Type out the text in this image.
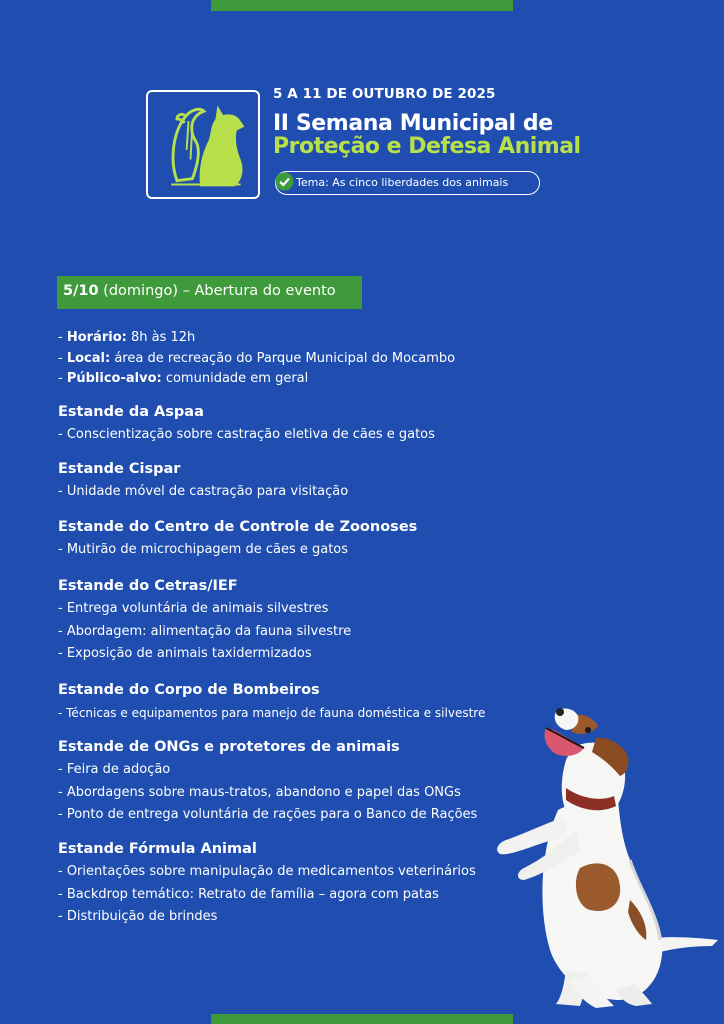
5 A 11 DE OUTUBRO DE 2025
II Semana Municipal de
Proteção e Defesa Animal
Tema: As cinco liberdades dos animais
5/10 (domingo) – Abertura do evento
- Horário: 8h às 12h
- Local: área de recreação do Parque Municipal do Mocambo
- Público-alvo: comunidade em geral
Estande da Aspaa
- Conscientização sobre castração eletiva de cães e gatos
Estande Cispar
- Unidade móvel de castração para visitação
Estande do Centro de Controle de Zoonoses
- Mutirão de microchipagem de cães e gatos
Estande do Cetras/IEF
- Entrega voluntária de animais silvestres
- Abordagem: alimentação da fauna silvestre
- Exposição de animais taxidermizados
Estande do Corpo de Bombeiros
- Técnicas e equipamentos para manejo de fauna doméstica e silvestre
Estande de ONGs e protetores de animais
- Feira de adoção
- Abordagens sobre maus-tratos, abandono e papel das ONGs
- Ponto de entrega voluntária de rações para o Banco de Rações
Estande Fórmula Animal
- Orientações sobre manipulação de medicamentos veterinários
- Backdrop temático: Retrato de família – agora com patas
- Distribuição de brindes
